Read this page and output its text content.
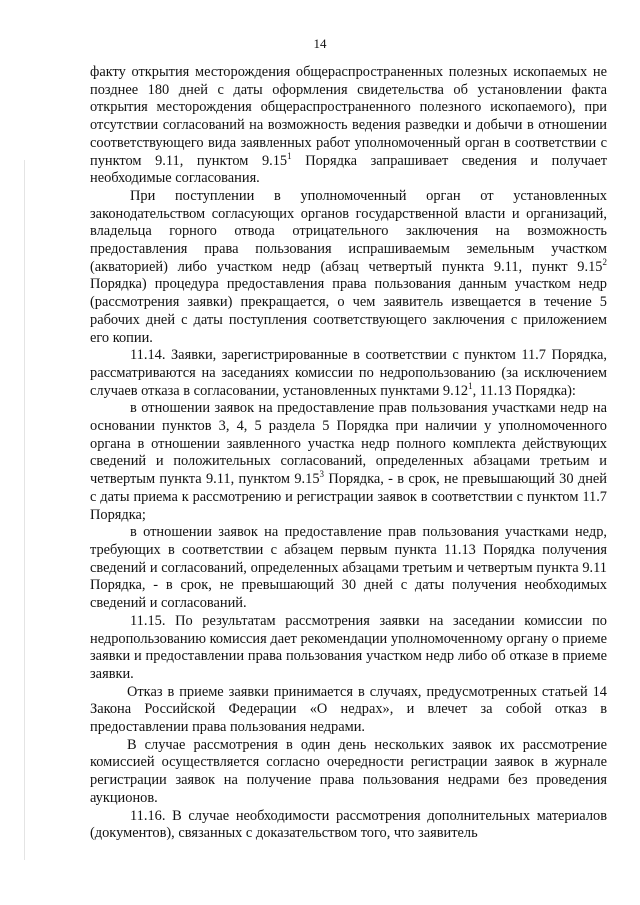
14

факту открытия месторождения общераспространенных полезных ископаемых не позднее 180 дней с даты оформления свидетельства об установлении факта открытия месторождения общераспространенного полезного ископаемого), при отсутствии согласований на возможность ведения разведки и добычи в отношении соответствующего вида заявленных работ уполномоченный орган в соответствии с пунктом 9.11, пунктом 9.15$^1$ Порядка запрашивает сведения и получает необходимые согласования.

При поступлении в уполномоченный орган от установленных законодательством согласующих органов государственной власти и организаций, владельца горного отвода отрицательного заключения на возможность предоставления права пользования испрашиваемым земельным участком (акваторией) либо участком недр (абзац четвертый пункта 9.11, пункт 9.15$^2$ Порядка) процедура предоставления права пользования данным участком недр (рассмотрения заявки) прекращается, о чем заявитель извещается в течение 5 рабочих дней с даты поступления соответствующего заключения с приложением его копии.

11.14. Заявки, зарегистрированные в соответствии с пунктом 11.7 Порядка, рассматриваются на заседаниях комиссии по недропользованию (за исключением случаев отказа в согласовании, установленных пунктами 9.12$^1$, 11.13 Порядка):

в отношении заявок на предоставление прав пользования участками недр на основании пунктов 3, 4, 5 раздела 5 Порядка при наличии у уполномоченного органа в отношении заявленного участка недр полного комплекта действующих сведений и положительных согласований, определенных абзацами третьим и четвертым пункта 9.11, пунктом 9.15$^3$ Порядка, - в срок, не превышающий 30 дней с даты приема к рассмотрению и регистрации заявок в соответствии с пунктом 11.7 Порядка;

в отношении заявок на предоставление прав пользования участками недр, требующих в соответствии с абзацем первым пункта 11.13 Порядка получения сведений и согласований, определенных абзацами третьим и четвертым пункта 9.11 Порядка, - в срок, не превышающий 30 дней с даты получения необходимых сведений и согласований.

11.15. По результатам рассмотрения заявки на заседании комиссии по недропользованию комиссия дает рекомендации уполномоченному органу о приеме заявки и предоставлении права пользования участком недр либо об отказе в приеме заявки.

Отказ в приеме заявки принимается в случаях, предусмотренных статьей 14 Закона Российской Федерации «О недрах», и влечет за собой отказ в предоставлении права пользования недрами.

В случае рассмотрения в один день нескольких заявок их рассмотрение комиссией осуществляется согласно очередности регистрации заявок в журнале регистрации заявок на получение права пользования недрами без проведения аукционов.

11.16. В случае необходимости рассмотрения дополнительных материалов (документов), связанных с доказательством того, что заявитель
